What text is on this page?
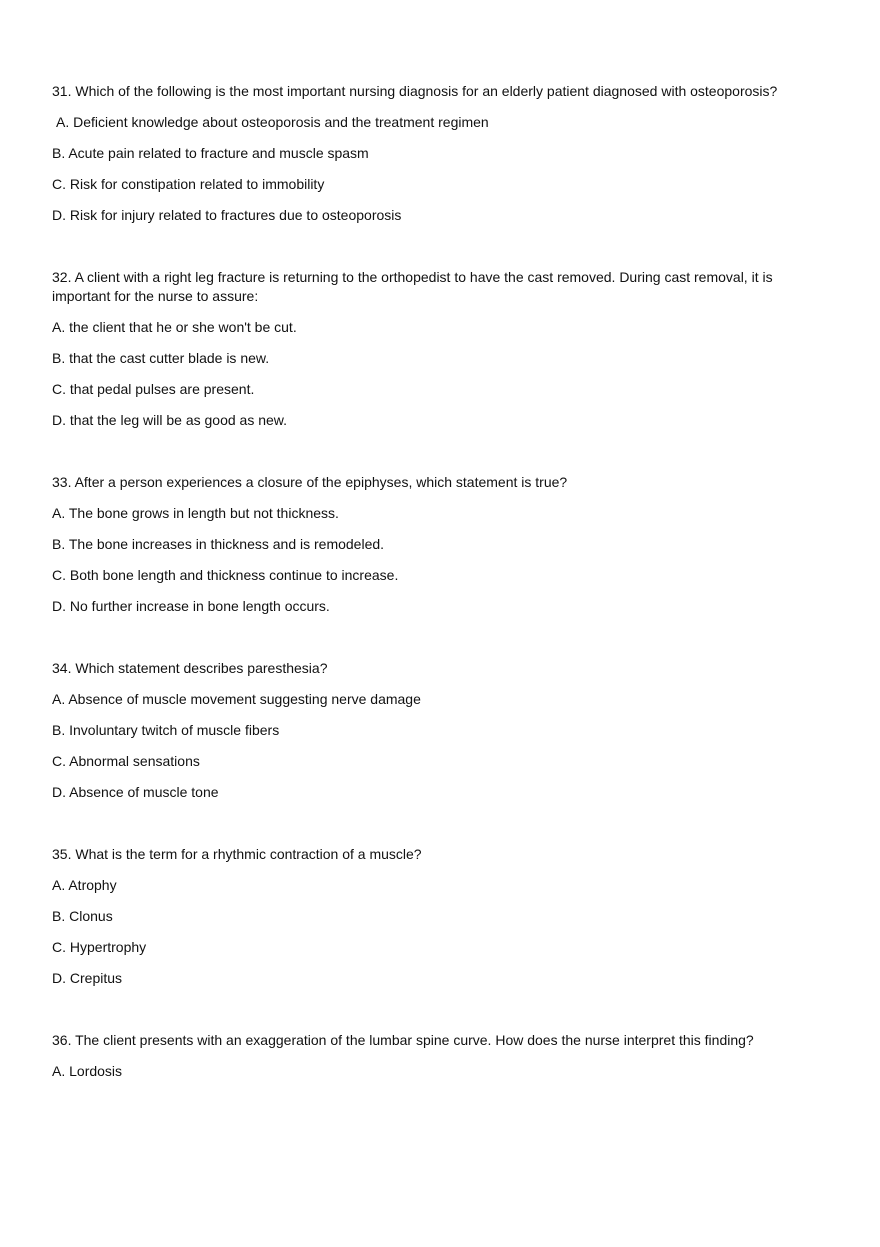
31. Which of the following is the most important nursing diagnosis for an elderly patient diagnosed with osteoporosis?

A. Deficient knowledge about osteoporosis and the treatment regimen

B. Acute pain related to fracture and muscle spasm

C. Risk for constipation related to immobility

D. Risk for injury related to fractures due to osteoporosis

32. A client with a right leg fracture is returning to the orthopedist to have the cast removed. During cast removal, it is important for the nurse to assure:

A. the client that he or she won't be cut.

B. that the cast cutter blade is new.

C. that pedal pulses are present.

D. that the leg will be as good as new.

33. After a person experiences a closure of the epiphyses, which statement is true?

A. The bone grows in length but not thickness.

B. The bone increases in thickness and is remodeled.

C. Both bone length and thickness continue to increase.

D. No further increase in bone length occurs.

34. Which statement describes paresthesia?

A. Absence of muscle movement suggesting nerve damage

B. Involuntary twitch of muscle fibers

C. Abnormal sensations

D. Absence of muscle tone

35. What is the term for a rhythmic contraction of a muscle?

A. Atrophy

B. Clonus

C. Hypertrophy

D. Crepitus

36. The client presents with an exaggeration of the lumbar spine curve. How does the nurse interpret this finding?

A. Lordosis
